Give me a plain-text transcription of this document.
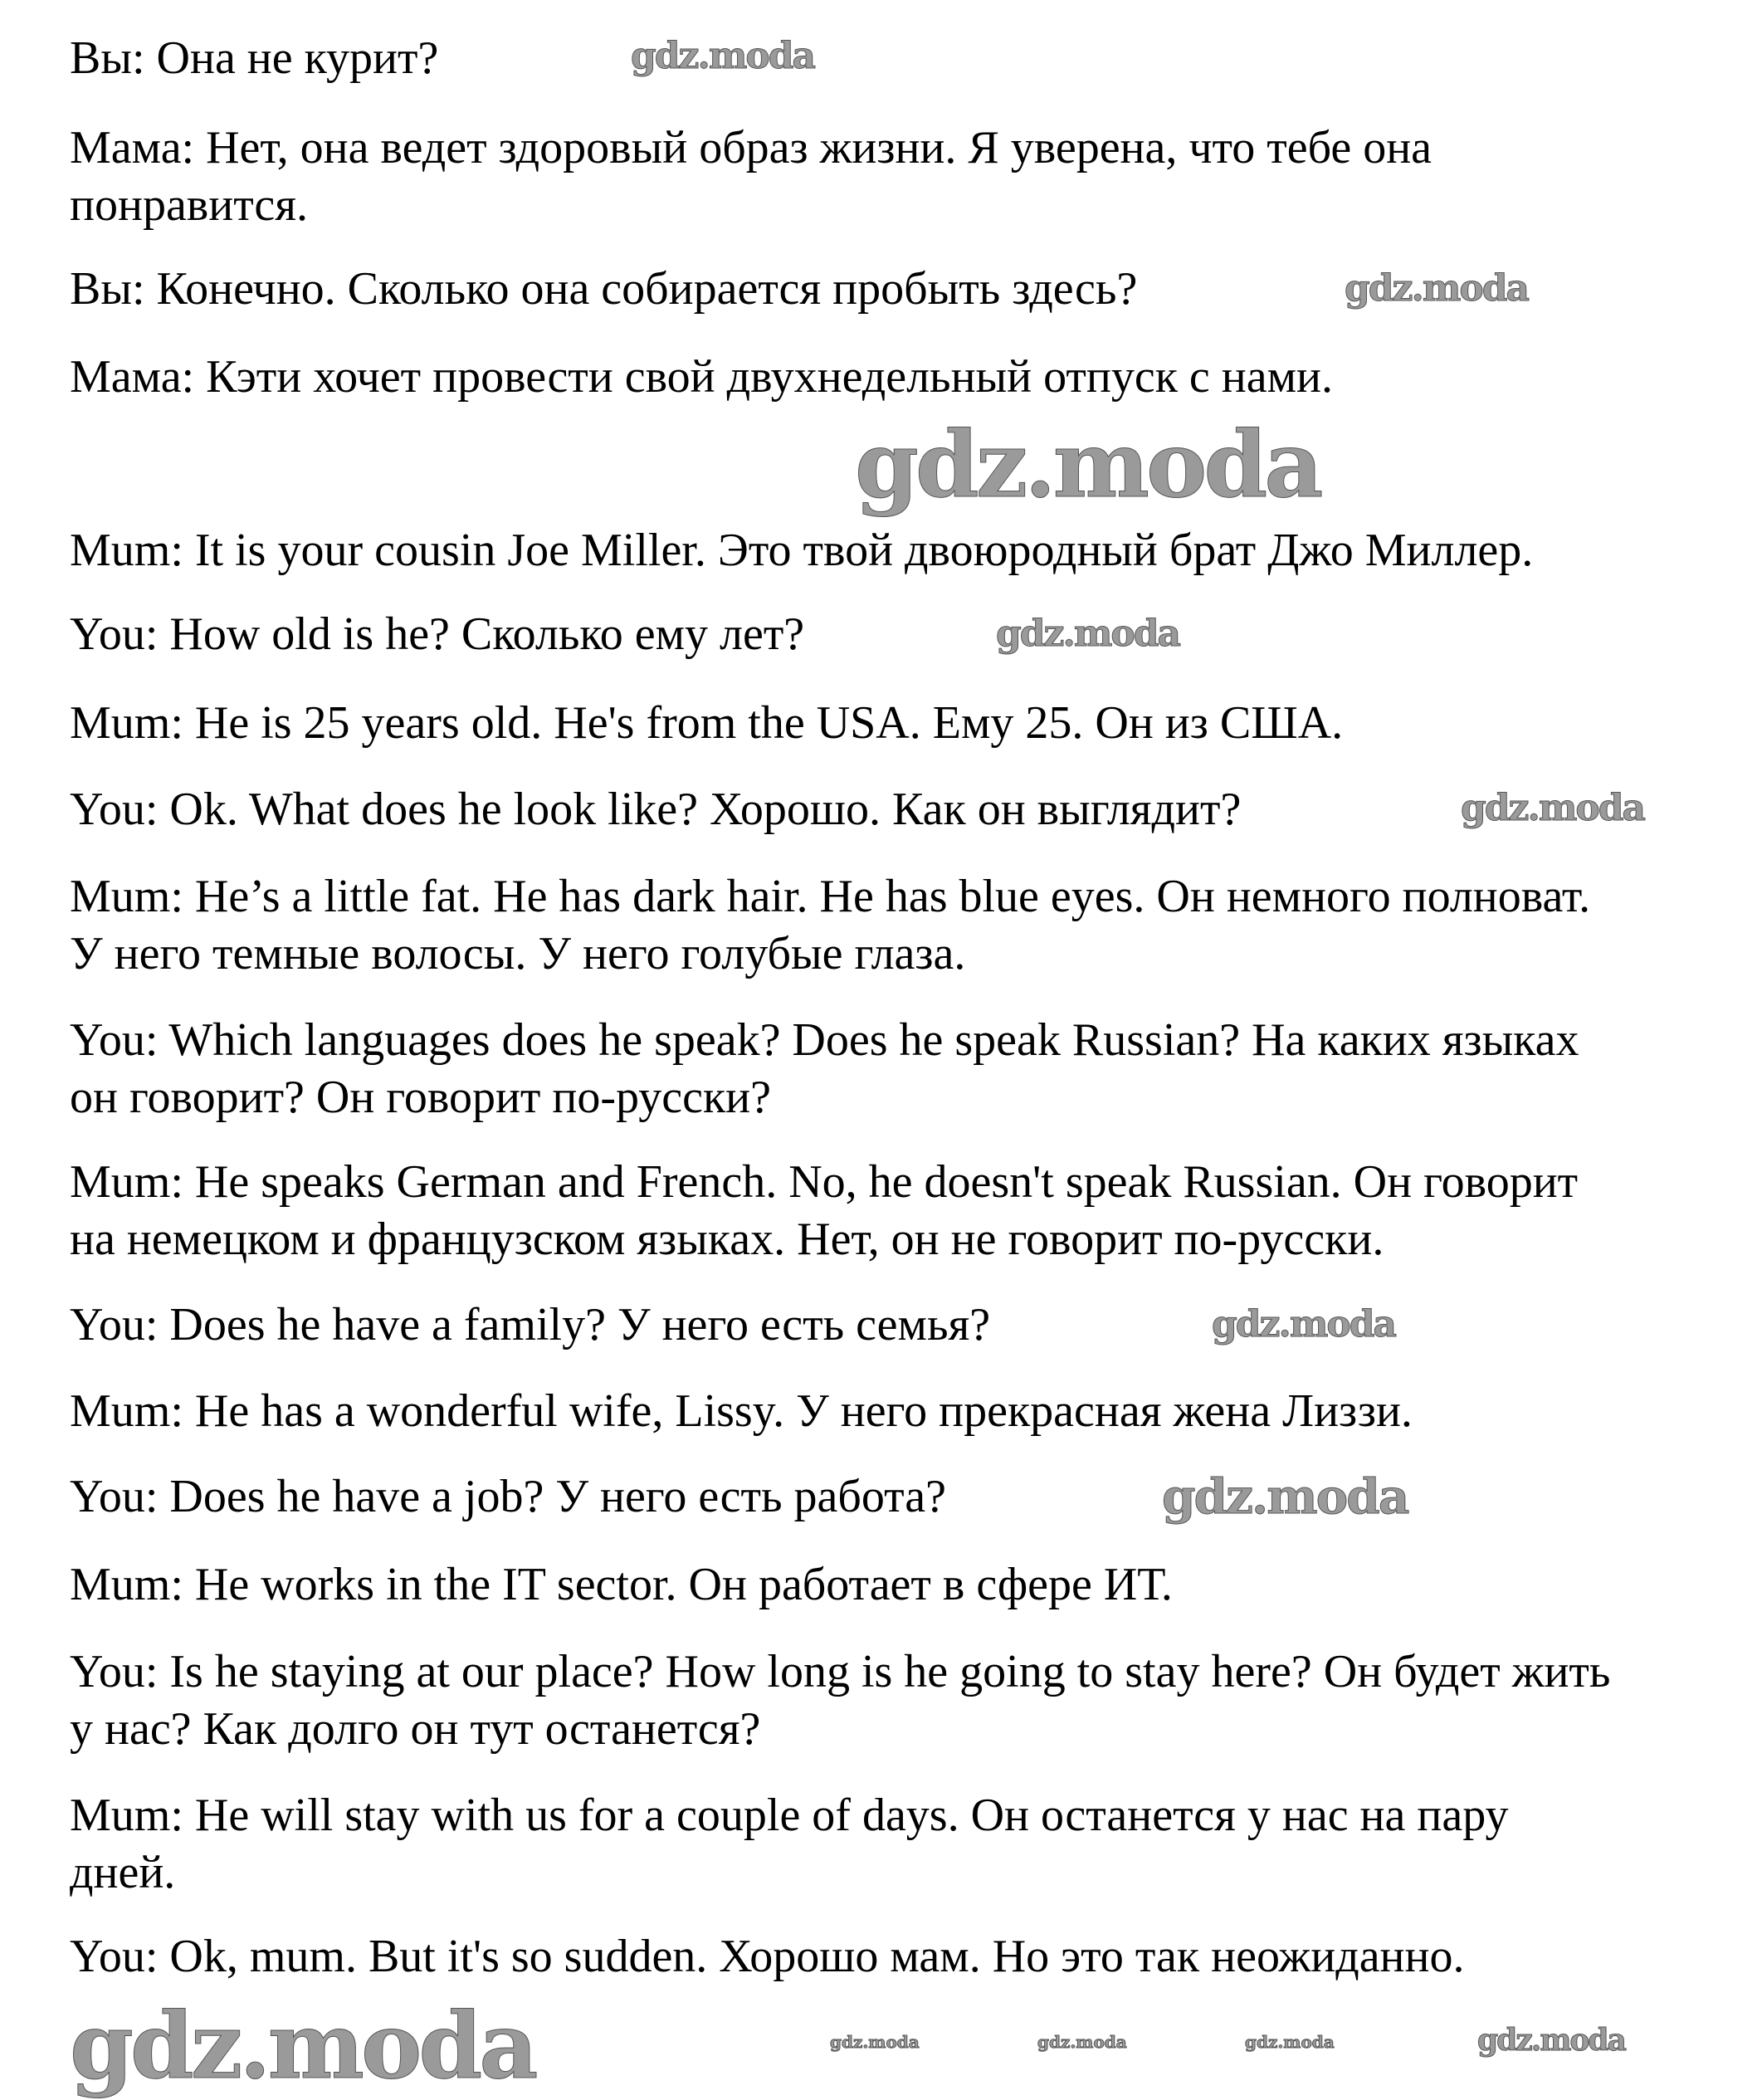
Вы: Она не курит?
Мама: Нет, она ведет здоровый образ жизни. Я уверена, что тебе она
понравится.
Вы: Конечно. Сколько она собирается пробыть здесь?
Мама: Кэти хочет провести свой двухнедельный отпуск с нами.
Mum: It is your cousin Joe Miller. Это твой двоюродный брат Джо Миллер.
You: How old is he? Сколько ему лет?
Mum: He is 25 years old. He's from the USA. Ему 25. Он из США.
You: Ok. What does he look like? Хорошо. Как он выглядит?
Mum: He’s a little fat. He has dark hair. He has blue eyes. Он немного полноват.
У него темные волосы. У него голубые глаза.
You: Which languages does he speak? Does he speak Russian? На каких языках
он говорит? Он говорит по-русски?
Mum: He speaks German and French. No, he doesn't speak Russian. Он говорит
на немецком и французском языках. Нет, он не говорит по-русски.
You: Does he have a family? У него есть семья?
Mum: He has a wonderful wife, Lissy. У него прекрасная жена Лиззи.
You: Does he have a job? У него есть работа?
Mum: He works in the IT sector. Он работает в сфере ИТ.
You: Is he staying at our place? How long is he going to stay here? Он будет жить
у нас? Как долго он тут останется?
Mum: He will stay with us for a couple of days. Он останется у нас на пару
дней.
You: Ok, mum. But it's so sudden. Хорошо мам. Но это так неожиданно.
gdz.moda
gdz.moda
gdz.moda
gdz.moda
gdz.moda
gdz.moda
gdz.moda
gdz.moda	gdz.moda	gdz.moda	gdz.moda	gdz.moda
